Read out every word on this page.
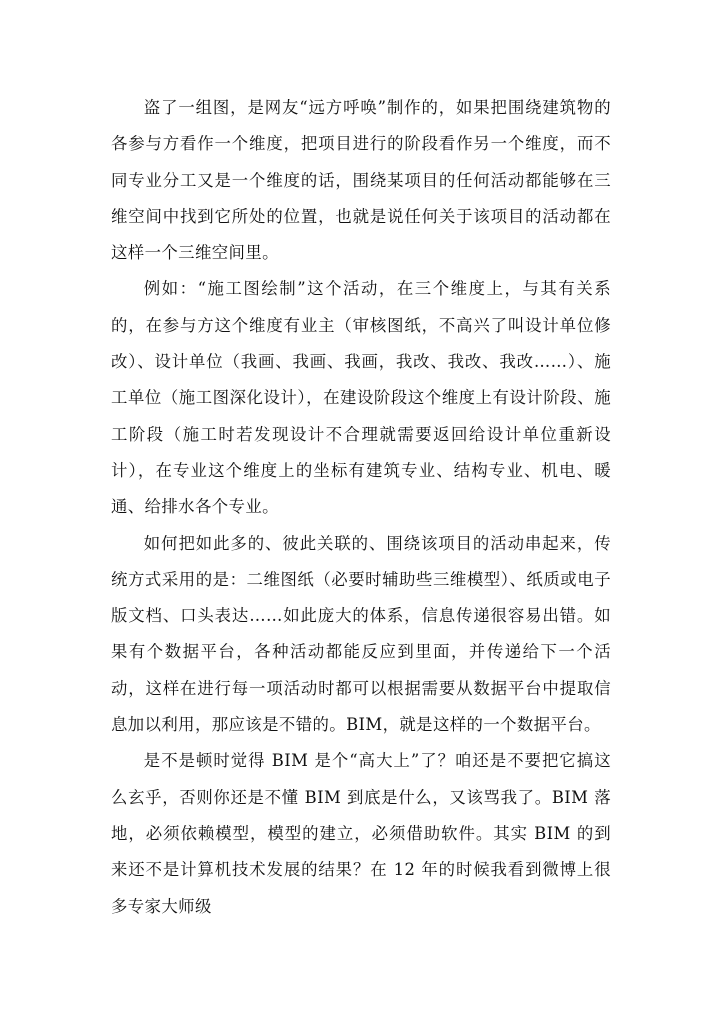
盗了一组图，是网友“远方呼唤”制作的，如果把围绕建筑物的各参与方看作一个维度，把项目进行的阶段看作另一个维度，而不同专业分工又是一个维度的话，围绕某项目的任何活动都能够在三维空间中找到它所处的位置，也就是说任何关于该项目的活动都在这样一个三维空间里。

例如：“施工图绘制”这个活动，在三个维度上，与其有关系的，在参与方这个维度有业主（审核图纸，不高兴了叫设计单位修改）、设计单位（我画、我画、我画，我改、我改、我改……）、施工单位（施工图深化设计），在建设阶段这个维度上有设计阶段、施工阶段（施工时若发现设计不合理就需要返回给设计单位重新设计），在专业这个维度上的坐标有建筑专业、结构专业、机电、暖通、给排水各个专业。

如何把如此多的、彼此关联的、围绕该项目的活动串起来，传统方式采用的是：二维图纸（必要时辅助些三维模型）、纸质或电子版文档、口头表达……如此庞大的体系，信息传递很容易出错。如果有个数据平台，各种活动都能反应到里面，并传递给下一个活动，这样在进行每一项活动时都可以根据需要从数据平台中提取信息加以利用，那应该是不错的。BIM，就是这样的一个数据平台。

是不是顿时觉得 BIM 是个“高大上”了？咱还是不要把它搞这么玄乎，否则你还是不懂 BIM 到底是什么，又该骂我了。BIM 落地，必须依赖模型，模型的建立，必须借助软件。其实 BIM 的到来还不是计算机技术发展的结果？在 12 年的时候我看到微博上很多专家大师级
